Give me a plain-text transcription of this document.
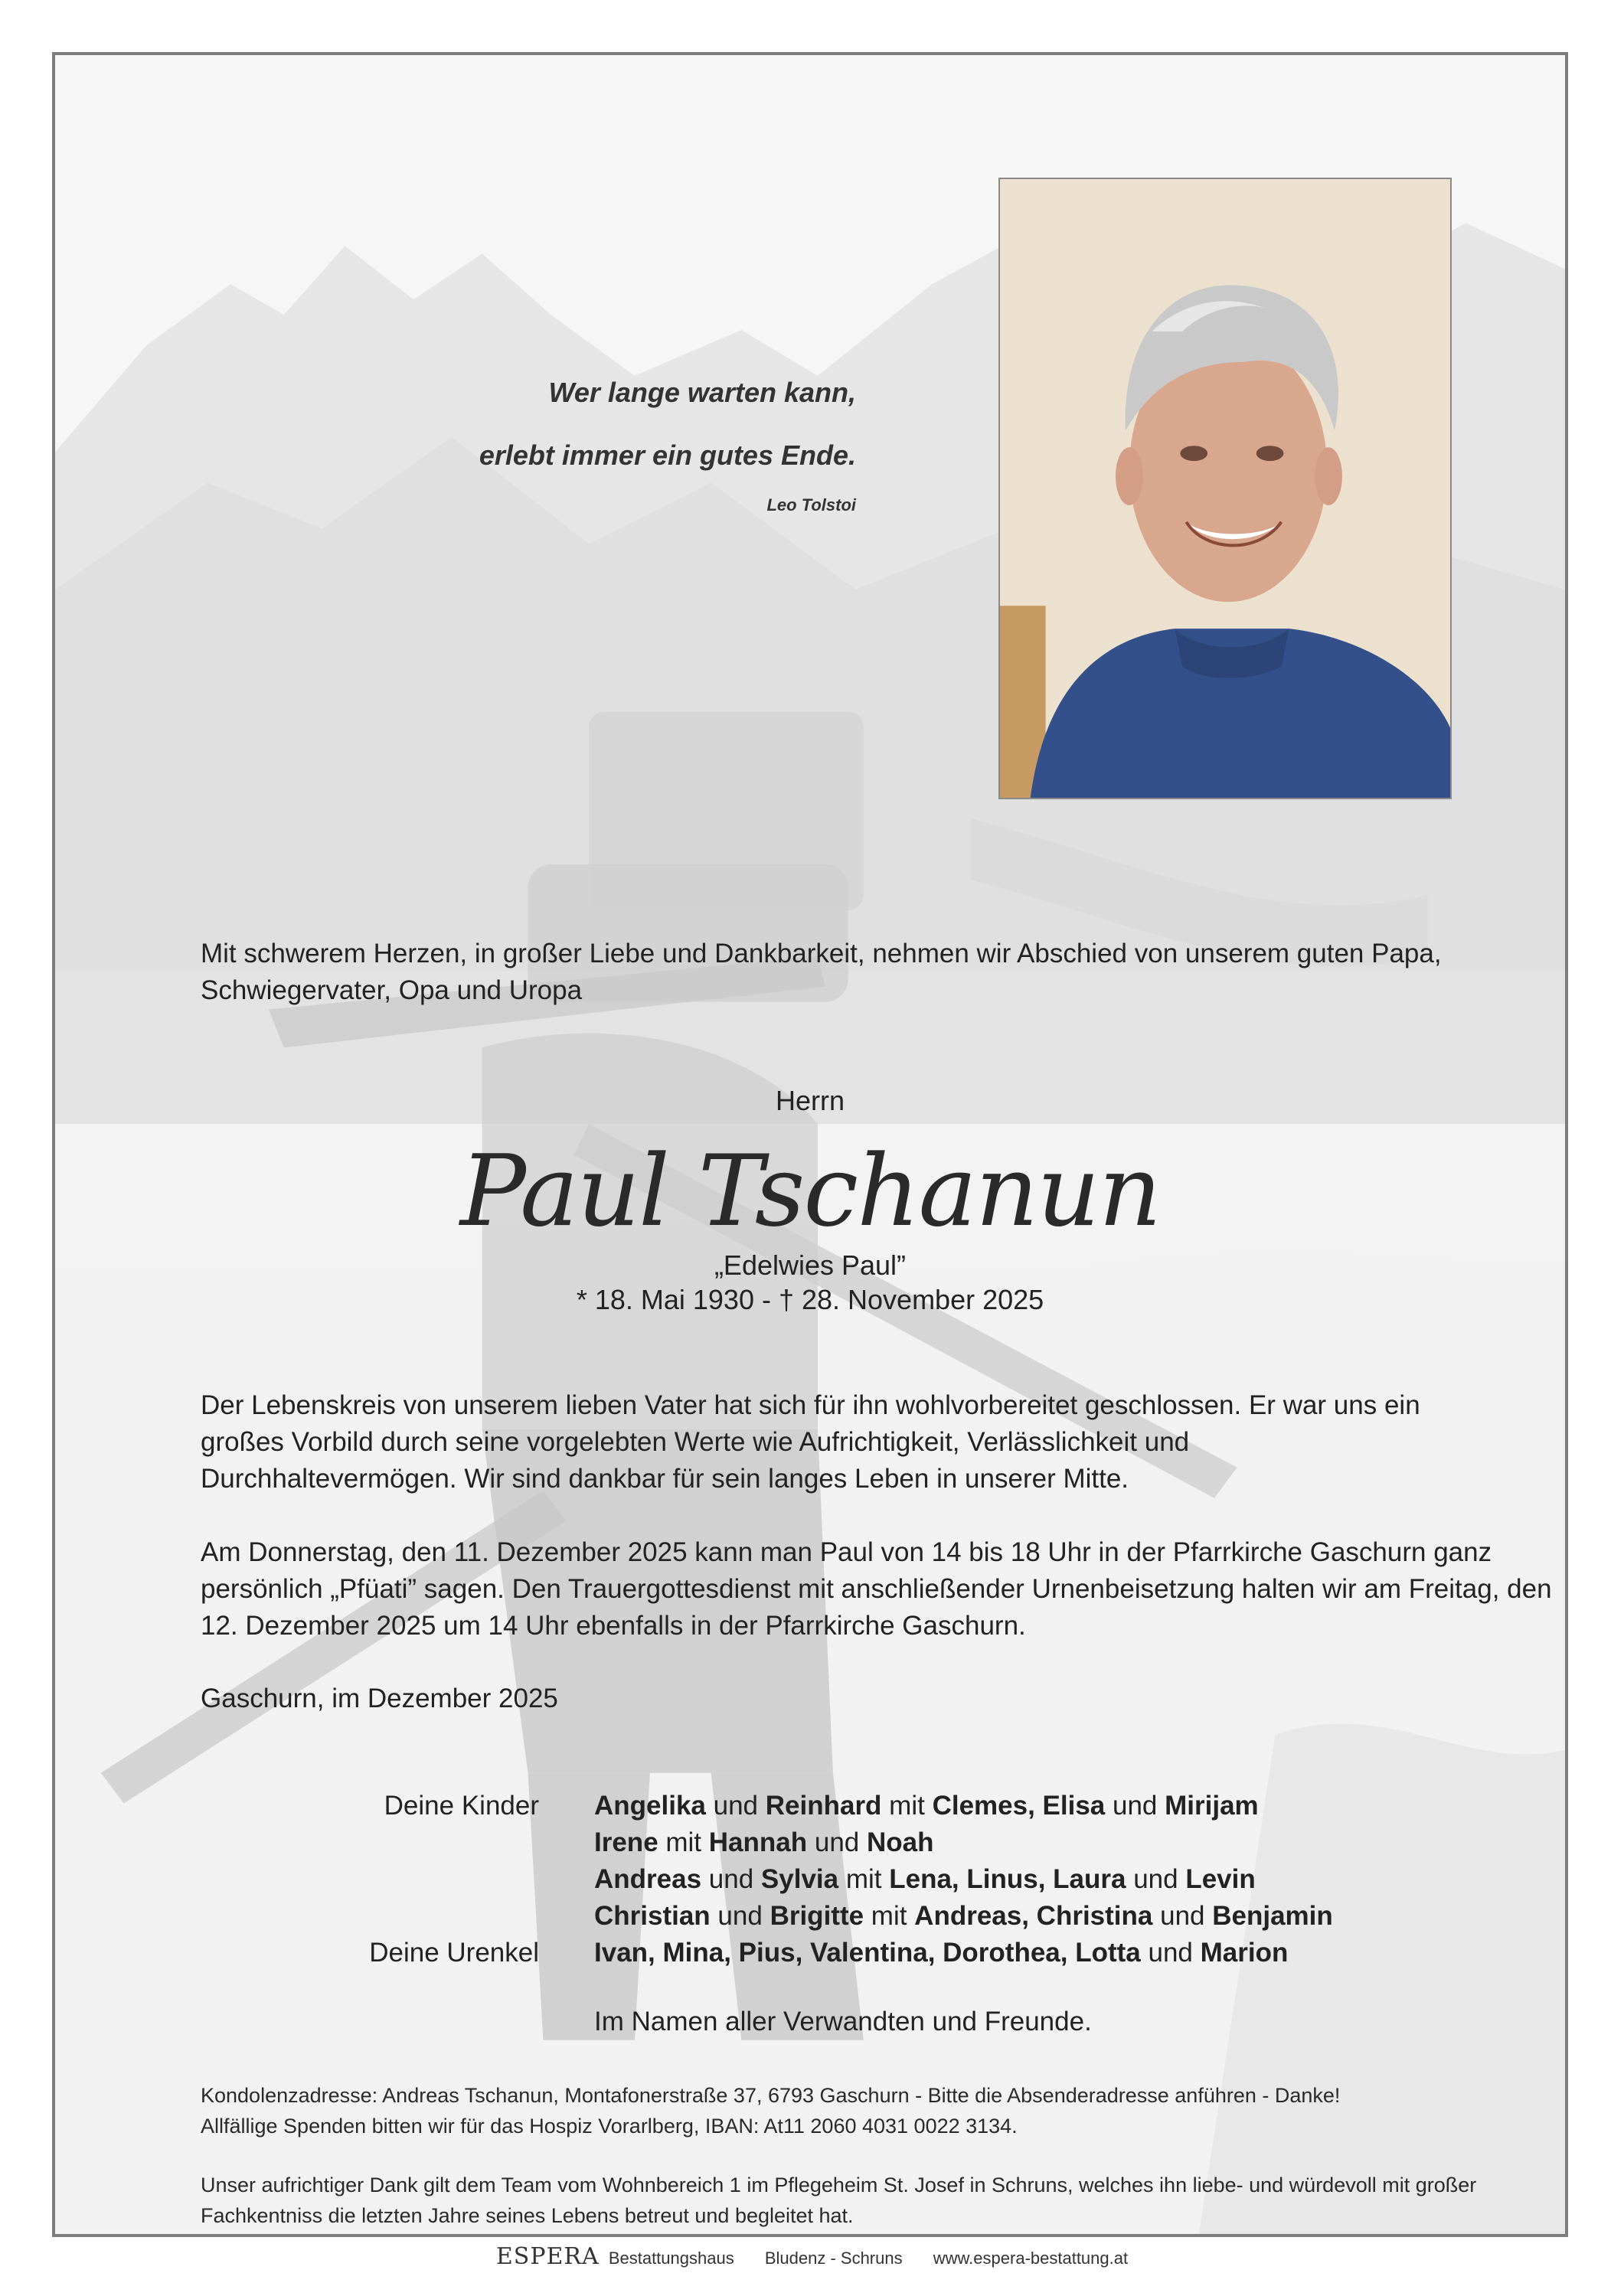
Wer lange warten kann,
erlebt immer ein gutes Ende.
Leo Tolstoi
Mit schwerem Herzen, in großer Liebe und Dankbarkeit, nehmen wir Abschied von unserem guten Papa, Schwiegervater, Opa und Uropa
Herrn
Paul Tschanun
„Edelwies Paul”
* 18. Mai 1930 - † 28. November 2025
Der Lebenskreis von unserem lieben Vater hat sich für ihn wohlvorbereitet geschlossen. Er war uns ein großes Vorbild durch seine vorgelebten Werte wie Aufrichtigkeit, Verlässlichkeit und Durchhaltevermögen. Wir sind dankbar für sein langes Leben in unserer Mitte.
Am Donnerstag, den 11. Dezember 2025 kann man Paul von 14 bis 18 Uhr in der Pfarrkirche Gaschurn ganz persönlich „Pfüati” sagen. Den Trauergottesdienst mit anschließender Urnenbeisetzung halten wir am Freitag, den 12. Dezember 2025 um 14 Uhr ebenfalls in der Pfarrkirche Gaschurn.
Gaschurn, im Dezember 2025
Deine Kinder Angelika und Reinhard mit Clemes, Elisa und Mirijam
Irene mit Hannah und Noah
Andreas und Sylvia mit Lena, Linus, Laura und Levin
Christian und Brigitte mit Andreas, Christina und Benjamin
Deine Urenkel Ivan, Mina, Pius, Valentina, Dorothea, Lotta und Marion
Im Namen aller Verwandten und Freunde.
Kondolenzadresse: Andreas Tschanun, Montafonerstraße 37, 6793 Gaschurn - Bitte die Absenderadresse anführen - Danke!
Allfällige Spenden bitten wir für das Hospiz Vorarlberg, IBAN: At11 2060 4031 0022 3134.
Unser aufrichtiger Dank gilt dem Team vom Wohnbereich 1 im Pflegeheim St. Josef in Schruns, welches ihn liebe- und würdevoll mit großer Fachkentniss die letzten Jahre seines Lebens betreut und begleitet hat.
ESPERA Bestattungshaus Bludenz - Schruns www.espera-bestattung.at
